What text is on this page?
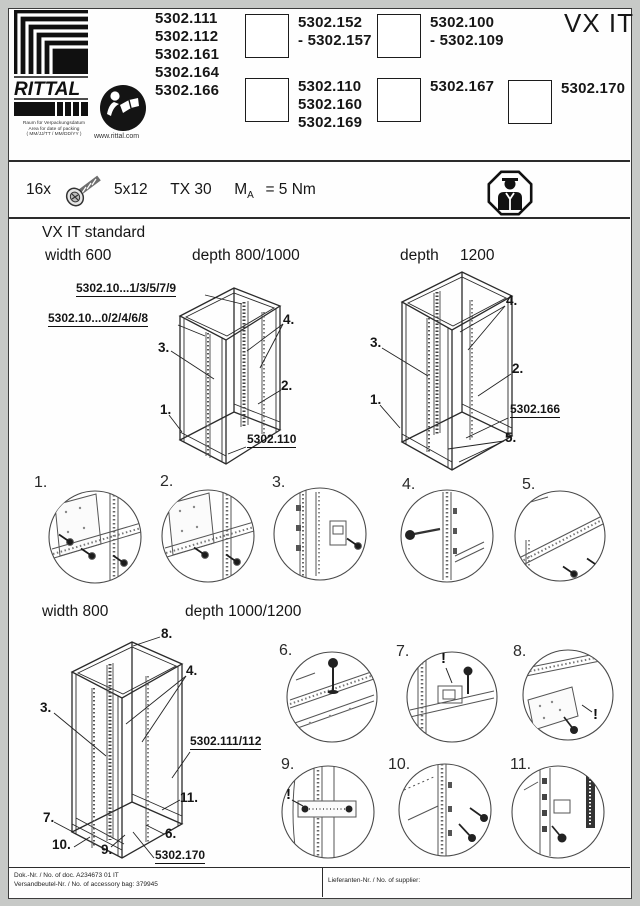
RITTAL
Raum für Verpackungsdatum
Area for date of packing
( MM/JJ/TT / MM/DD/YY )	www.rittal.com
5302.111
5302.112
5302.161
5302.164
5302.166
5302.152
- 5302.157
5302.100
- 5302.109
5302.110
5302.160
5302.169
5302.167	5302.170
VX IT
16x	5x12 TX 30 $M_A = 5$ Nm
VX IT standard
width 600	depth 800/1000	depth 1200
width 800	depth 1000/1200
5302.10...1/3/5/7/9
5302.10...0/2/4/6/8
3.
4.
2.
1.
5302.110
4.
3.
2.
1.
5302.166
5.
1.	2.	3.	4.	5.
8.
4.
3.
5302.111/112
11.
7.
10. 9.
6.
5302.170
6.	7. !	8.
!
9.
!
10.	11.
Dok.-Nr. / No. of doc. A234673 01 IT
Versandbeutel-Nr. / No. of accessory bag: 379945
Lieferanten-Nr. / No. of supplier:
